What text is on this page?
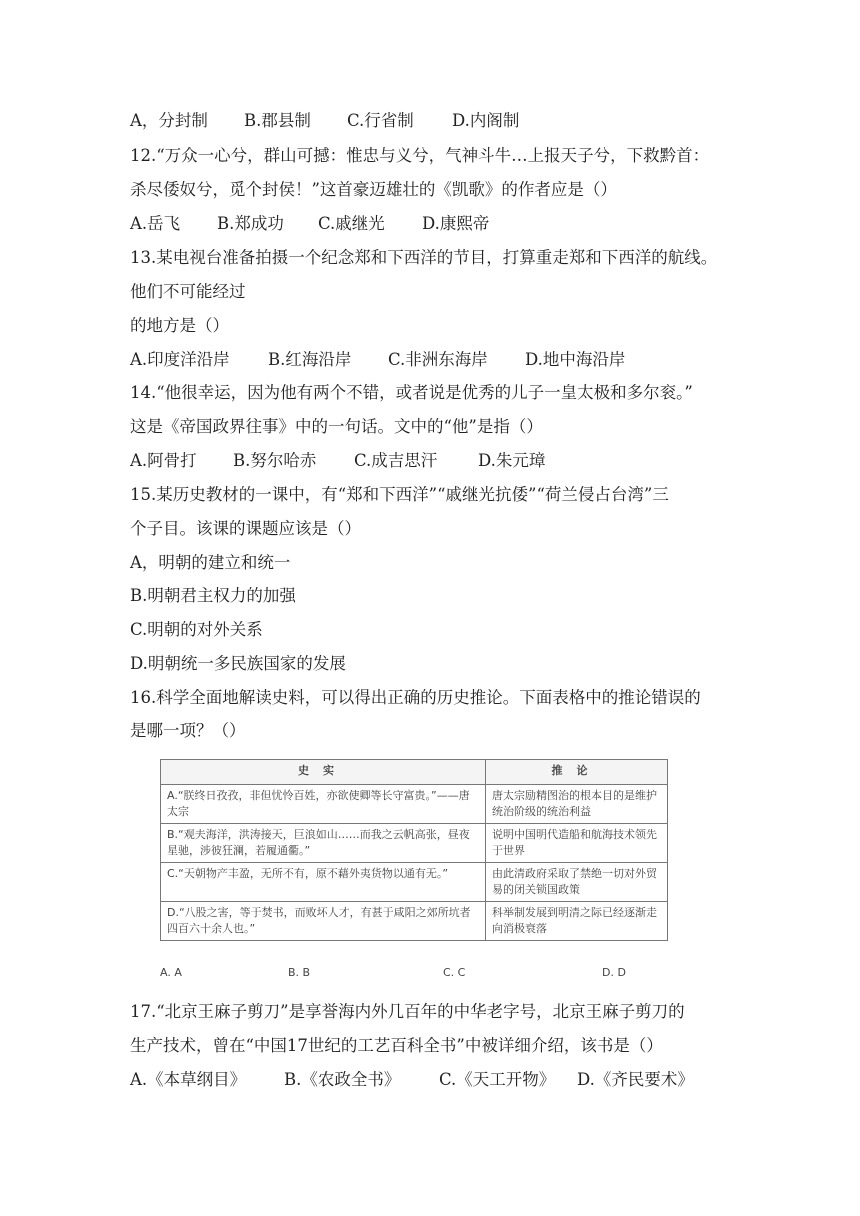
A，分封制 B.郡县制 C.行省制 D.内阁制
12.“万众一心兮，群山可撼：惟忠与义兮，气神斗牛…上报天子兮，下救黔首：
杀尽倭奴兮，觅个封侯！”这首豪迈雄壮的《凯歌》的作者应是（）
A.岳飞 B.郑成功 C.戚继光 D.康熙帝
13.某电视台准备拍摄一个纪念郑和下西洋的节目，打算重走郑和下西洋的航线。
他们不可能经过
的地方是（）
A.印度洋沿岸 B.红海沿岸 C.非洲东海岸 D.地中海沿岸
14.“他很幸运，因为他有两个不错，或者说是优秀的儿子一皇太极和多尔衮。”
这是《帝国政界往事》中的一句话。文中的“他”是指（）
A.阿骨打 B.努尔哈赤 C.成吉思汗 D.朱元璋
15.某历史教材的一课中，有“郑和下西洋”“戚继光抗倭”“荷兰侵占台湾”三
个子目。该课的课题应该是（）
A，明朝的建立和统一
B.明朝君主权力的加强
C.明朝的对外关系
D.明朝统一多民族国家的发展
16.科学全面地解读史料，可以得出正确的历史推论。下面表格中的推论错误的
是哪一项？（）
史实	推论
A.“朕终日孜孜，非但忧怜百姓，亦欲使卿等长守富贵。”——唐太宗	唐太宗励精图治的根本目的是维护统治阶级的统治利益
B.“观夫海洋，洪涛接天，巨浪如山……而我之云帆高张，昼夜星驰，涉彼狂澜，若履通衢。”	说明中国明代造船和航海技术领先于世界
C.“天朝物产丰盈，无所不有，原不藉外夷货物以通有无。”	由此清政府采取了禁绝一切对外贸易的闭关锁国政策
D.“八股之害，等于焚书，而败坏人才，有甚于咸阳之郊所坑者四百六十余人也。”	科举制发展到明清之际已经逐渐走向消极衰落
A. A	B. B	C. C	D. D
17.“北京王麻子剪刀”是享誉海内外几百年的中华老字号，北京王麻子剪刀的
生产技术，曾在“中国17世纪的工艺百科全书”中被详细介绍，该书是（）
A.《本草纲目》 B.《农政全书》 C.《天工开物》 D.《齐民要术》
